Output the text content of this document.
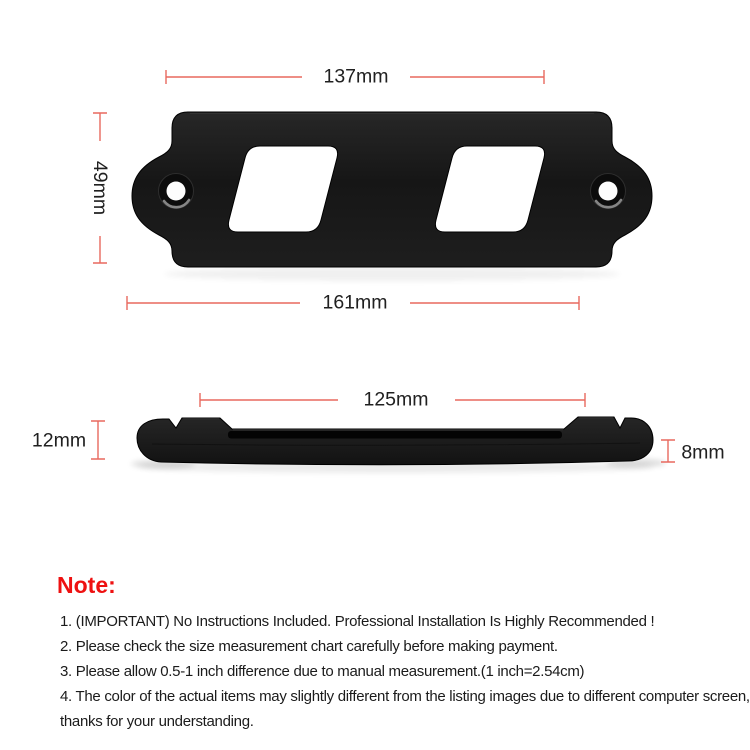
137mm
49mm
161mm
125mm
12mm
8mm
Note:
1. (IMPORTANT) No Instructions Included. Professional Installation Is Highly Recommended !
2. Please check the size measurement chart carefully before making payment.
3. Please allow 0.5-1 inch difference due to manual measurement.(1 inch=2.54cm)
4. The color of the actual items may slightly different from the listing images due to different computer screen, thanks for your understanding.
